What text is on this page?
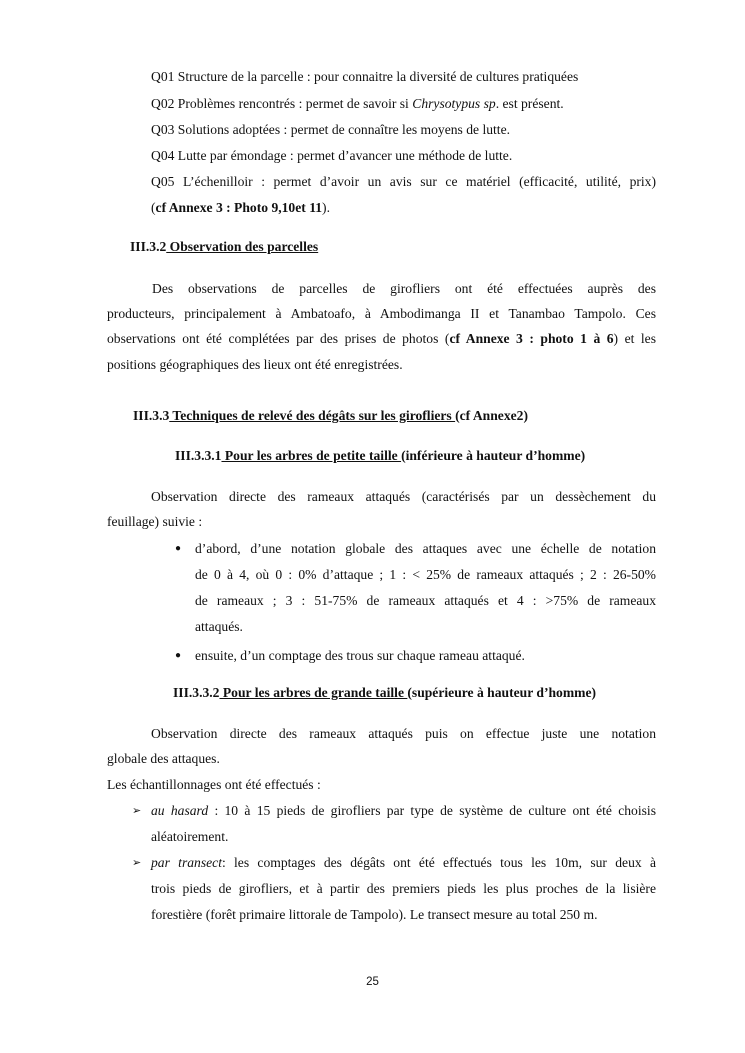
Q01 Structure de la parcelle : pour connaitre la diversité de cultures pratiquées
Q02 Problèmes rencontrés : permet de savoir si Chrysotypus sp. est présent.
Q03 Solutions adoptées : permet de connaître les moyens de lutte.
Q04 Lutte par émondage : permet d’avancer une méthode de lutte.
Q05 L’échenilloir : permet d’avoir un avis sur ce matériel (efficacité, utilité, prix)
(cf Annexe 3 : Photo 9,10et 11).
III.3.2 Observation des parcelles
Des observations de parcelles de girofliers ont été effectuées auprès des
producteurs, principalement à Ambatoafo, à Ambodimanga II et Tanambao Tampolo. Ces
observations ont été complétées par des prises de photos (cf Annexe 3 : photo 1 à 6) et les
positions géographiques des lieux ont été enregistrées.
III.3.3 Techniques de relevé des dégâts sur les girofliers (cf Annexe2)
III.3.3.1 Pour les arbres de petite taille (inférieure à hauteur d’homme)
Observation directe des rameaux attaqués (caractérisés par un dessèchement du
feuillage) suivie :
● d’abord, d’une notation globale des attaques avec une échelle de notation
de 0 à 4, où 0 : 0% d’attaque ; 1 : < 25% de rameaux attaqués ; 2 : 26-50%
de rameaux ; 3 : 51-75% de rameaux attaqués et 4 : >75% de rameaux
attaqués.
● ensuite, d’un comptage des trous sur chaque rameau attaqué.
III.3.3.2 Pour les arbres de grande taille (supérieure à hauteur d’homme)
Observation directe des rameaux attaqués puis on effectue juste une notation
globale des attaques.
Les échantillonnages ont été effectués :
➢ au hasard : 10 à 15 pieds de girofliers par type de système de culture ont été choisis
aléatoirement.
➢ par transect: les comptages des dégâts ont été effectués tous les 10m, sur deux à
trois pieds de girofliers, et à partir des premiers pieds les plus proches de la lisière
forestière (forêt primaire littorale de Tampolo). Le transect mesure au total 250 m.
25
